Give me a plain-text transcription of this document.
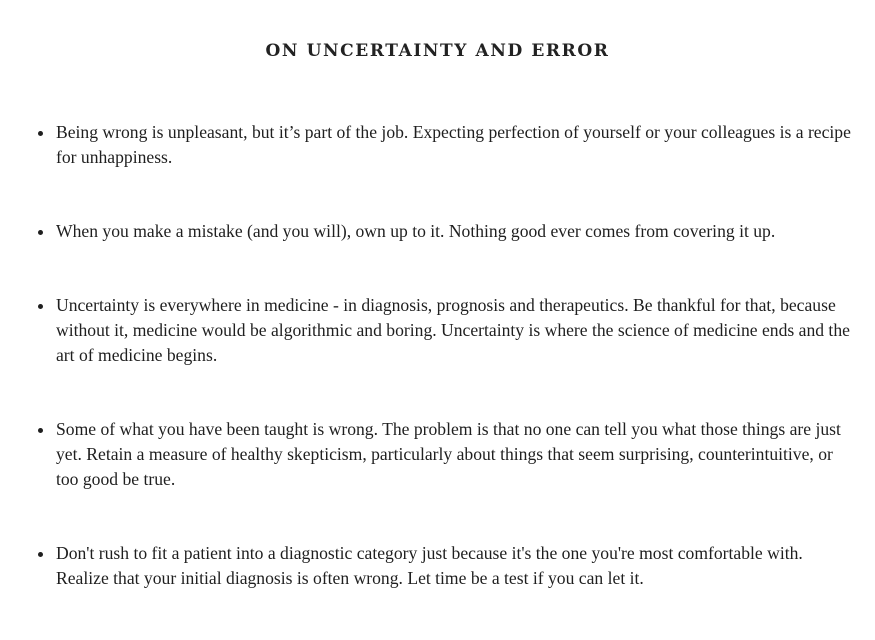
ON UNCERTAINTY AND ERROR
Being wrong is unpleasant, but it’s part of the job. Expecting perfection of yourself or your colleagues is a recipe for unhappiness.
When you make a mistake (and you will), own up to it. Nothing good ever comes from covering it up.
Uncertainty is everywhere in medicine - in diagnosis, prognosis and therapeutics. Be thankful for that, because without it, medicine would be algorithmic and boring. Uncertainty is where the science of medicine ends and the art of medicine begins.
Some of what you have been taught is wrong. The problem is that no one can tell you what those things are just yet. Retain a measure of healthy skepticism, particularly about things that seem surprising, counterintuitive, or too good be true.
Don't rush to fit a patient into a diagnostic category just because it's the one you're most comfortable with. Realize that your initial diagnosis is often wrong. Let time be a test if you can let it.
